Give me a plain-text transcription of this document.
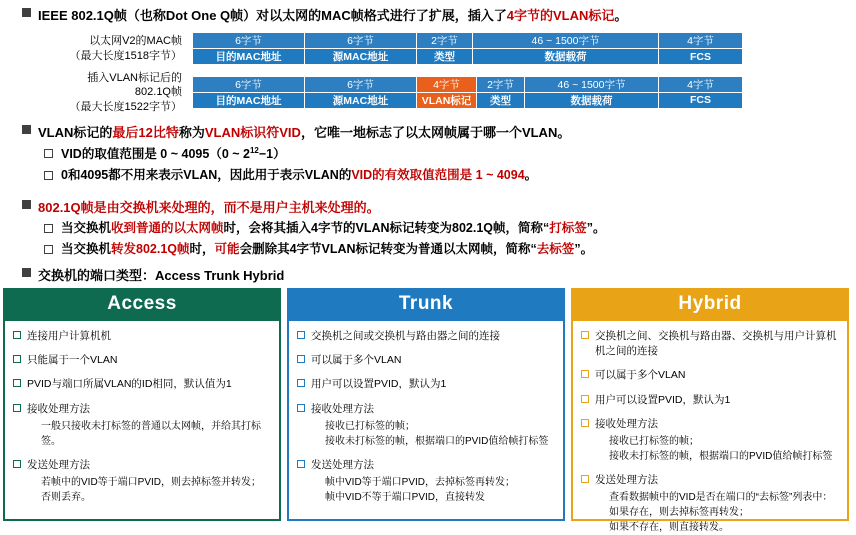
IEEE 802.1Q帧（也称Dot One Q帧）对以太网的MAC帧格式进行了扩展，插入了4字节的VLAN标记。
以太网V2的MAC帧
（最大长度1518字节）
6字节	6字节	2字节	46 ~ 1500字节	4字节
目的MAC地址	源MAC地址	类型	数据载荷	FCS
插入VLAN标记后的802.1Q帧
（最大长度1522字节）
6字节	6字节	4字节	2字节	46 ~ 1500字节	4字节
目的MAC地址	源MAC地址	VLAN标记	类型	数据载荷	FCS
VLAN标记的最后12比特称为VLAN标识符VID，它唯一地标志了以太网帧属于哪一个VLAN。
VID的取值范围是 0 ~ 4095（0 ~ $2^{12}-1$）
0和4095都不用来表示VLAN，因此用于表示VLAN的VID的有效取值范围是 1 ~ 4094。
802.1Q帧是由交换机来处理的，而不是用户主机来处理的。
当交换机收到普通的以太网帧时，会将其插入4字节的VLAN标记转变为802.1Q帧，简称“打标签”。
当交换机转发802.1Q帧时，可能会删除其4字节VLAN标记转变为普通以太网帧，简称“去标签”。
交换机的端口类型：Access Trunk Hybrid
Access
连接用户计算机机
只能属于一个VLAN
PVID与端口所属VLAN的ID相同，默认值为1
接收处理方法
一般只接收未打标签的普通以太网帧，并给其打标签。
发送处理方法
若帧中的VID等于端口PVID，则去掉标签并转发；
否则丢弃。
Trunk
交换机之间或交换机与路由器之间的连接
可以属于多个VLAN
用户可以设置PVID，默认为1
接收处理方法
接收已打标签的帧；
接收未打标签的帧，根据端口的PVID值给帧打标签
发送处理方法
帧中VID等于端口PVID，去掉标签再转发；
帧中VID不等于端口PVID，直接转发
Hybrid
交换机之间、交换机与路由器、交换机与用户计算机机之间的连接
可以属于多个VLAN
用户可以设置PVID，默认为1
接收处理方法
接收已打标签的帧；
接收未打标签的帧，根据端口的PVID值给帧打标签
发送处理方法
查看数据帧中的VID是否在端口的“去标签”列表中：
如果存在，则去掉标签再转发；
如果不存在，则直接转发。
